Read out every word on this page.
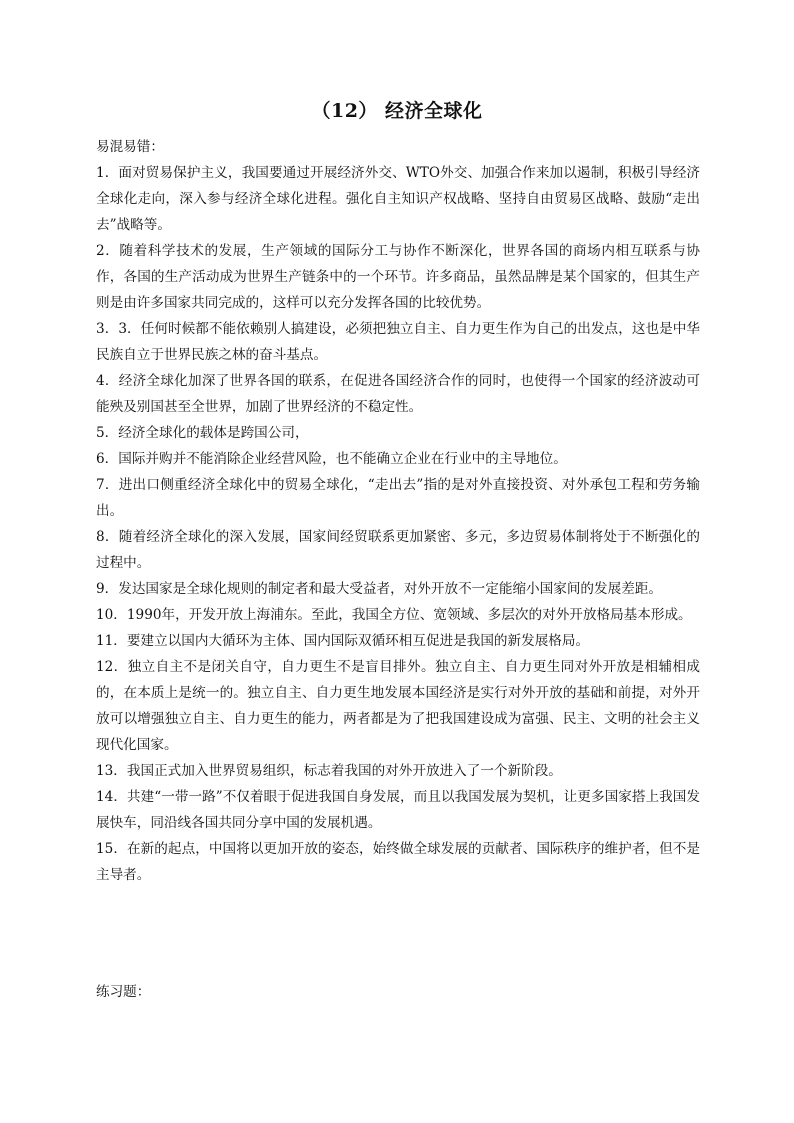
（12） 经济全球化

易混易错：

1．面对贸易保护主义，我国要通过开展经济外交、WTO外交、加强合作来加以遏制，积极引导经济全球化走向，深入参与经济全球化进程。强化自主知识产权战略、坚持自由贸易区战略、鼓励“走出去”战略等。

2．随着科学技术的发展，生产领域的国际分工与协作不断深化，世界各国的商场内相互联系与协作，各国的生产活动成为世界生产链条中的一个环节。许多商品，虽然品牌是某个国家的，但其生产则是由许多国家共同完成的，这样可以充分发挥各国的比较优势。

3．3．任何时候都不能依赖别人搞建设，必须把独立自主、自力更生作为自己的出发点，这也是中华民族自立于世界民族之林的奋斗基点。

4．经济全球化加深了世界各国的联系，在促进各国经济合作的同时，也使得一个国家的经济波动可能殃及别国甚至全世界，加剧了世界经济的不稳定性。

5．经济全球化的载体是跨国公司，

6．国际并购并不能消除企业经营风险，也不能确立企业在行业中的主导地位。

7．进出口侧重经济全球化中的贸易全球化，“走出去”指的是对外直接投资、对外承包工程和劳务输出。

8．随着经济全球化的深入发展，国家间经贸联系更加紧密、多元，多边贸易体制将处于不断强化的过程中。

9．发达国家是全球化规则的制定者和最大受益者，对外开放不一定能缩小国家间的发展差距。

10．1990年，开发开放上海浦东。至此，我国全方位、宽领域、多层次的对外开放格局基本形成。

11．要建立以国内大循环为主体、国内国际双循环相互促进是我国的新发展格局。

12．独立自主不是闭关自守，自力更生不是盲目排外。独立自主、自力更生同对外开放是相辅相成的，在本质上是统一的。独立自主、自力更生地发展本国经济是实行对外开放的基础和前提，对外开放可以增强独立自主、自力更生的能力，两者都是为了把我国建设成为富强、民主、文明的社会主义现代化国家。

13．我国正式加入世界贸易组织，标志着我国的对外开放进入了一个新阶段。

14．共建“一带一路”不仅着眼于促进我国自身发展，而且以我国发展为契机，让更多国家搭上我国发展快车，同沿线各国共同分享中国的发展机遇。

15．在新的起点，中国将以更加开放的姿态，始终做全球发展的贡献者、国际秩序的维护者，但不是主导者。

练习题：
